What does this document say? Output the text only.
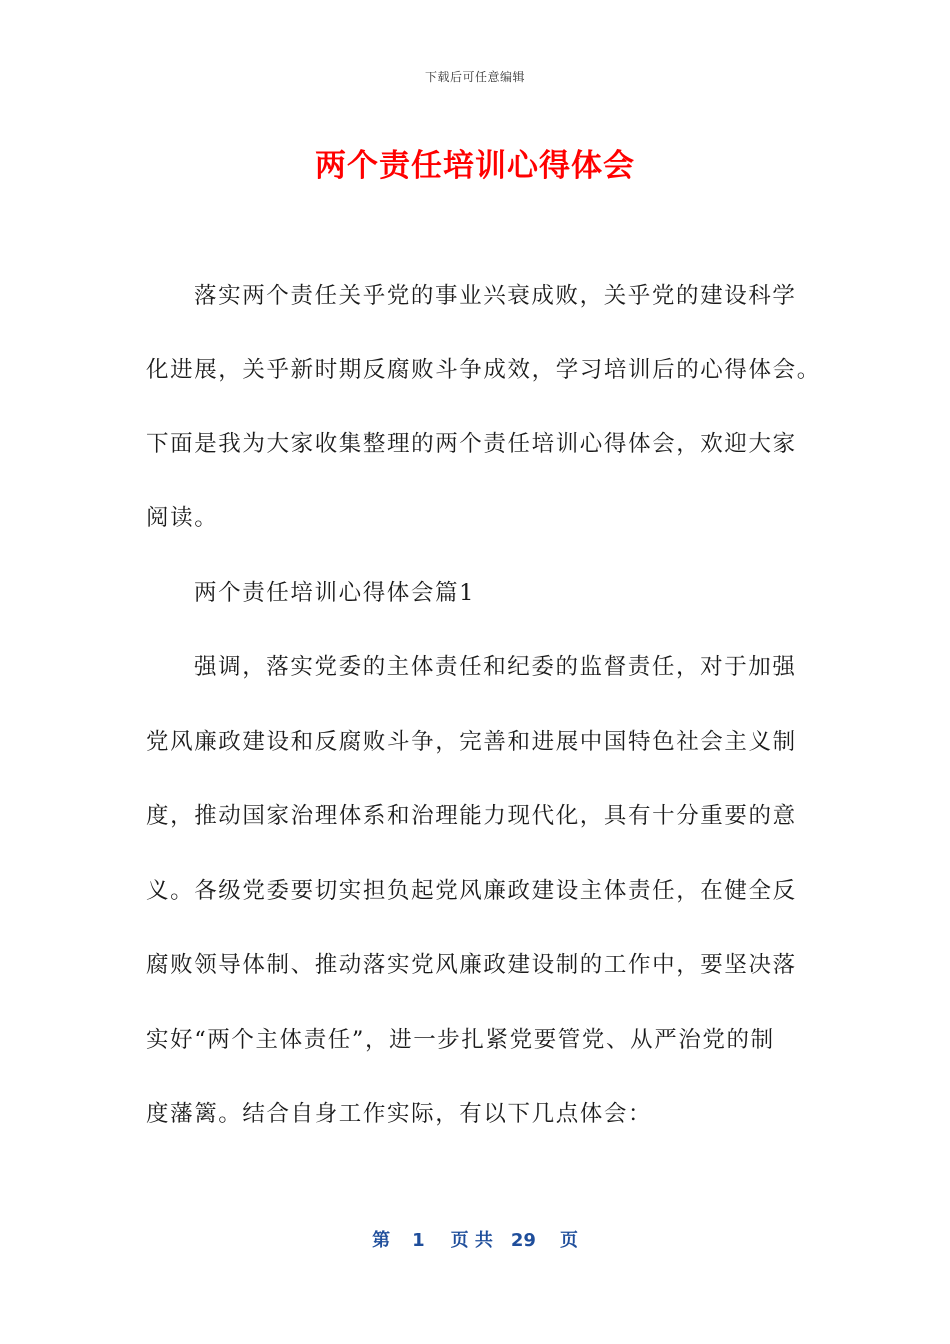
下载后可任意编辑
两个责任培训心得体会
落实两个责任关乎党的事业兴衰成败，关乎党的建设科学
化进展，关乎新时期反腐败斗争成效，学习培训后的心得体会。
下面是我为大家收集整理的两个责任培训心得体会，欢迎大家
阅读。
两个责任培训心得体会篇1
强调，落实党委的主体责任和纪委的监督责任，对于加强
党风廉政建设和反腐败斗争，完善和进展中国特色社会主义制
度，推动国家治理体系和治理能力现代化，具有十分重要的意
义。各级党委要切实担负起党风廉政建设主体责任，在健全反
腐败领导体制、推动落实党风廉政建设制的工作中，要坚决落
实好“两个主体责任”，进一步扎紧党要管党、从严治党的制
度藩篱。结合自身工作实际，有以下几点体会：
第 1 页 共 29 页
